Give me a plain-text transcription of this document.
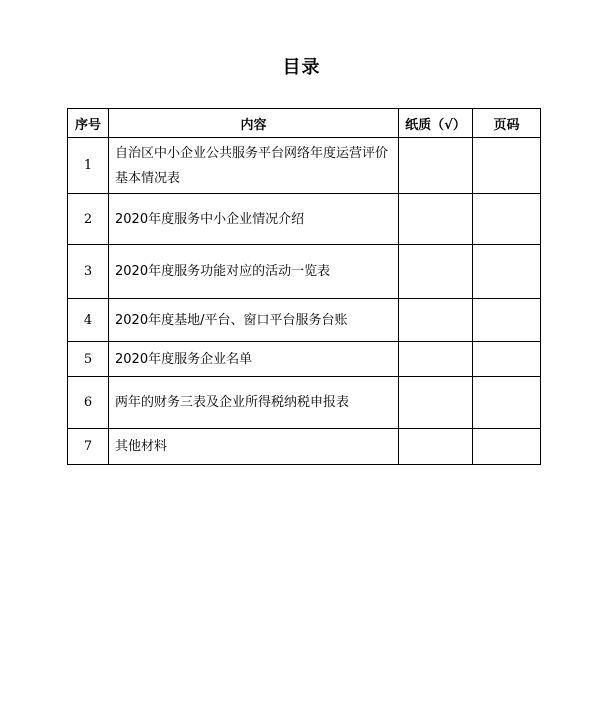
目录
序号	内容	纸质（√）	页码
1	自治区中小企业公共服务平台网络年度运营评价基本情况表		
2	2020年度服务中小企业情况介绍		
3	2020年度服务功能对应的活动一览表		
4	2020年度基地/平台、窗口平台服务台账		
5	2020年度服务企业名单		
6	两年的财务三表及企业所得税纳税申报表		
7	其他材料		
